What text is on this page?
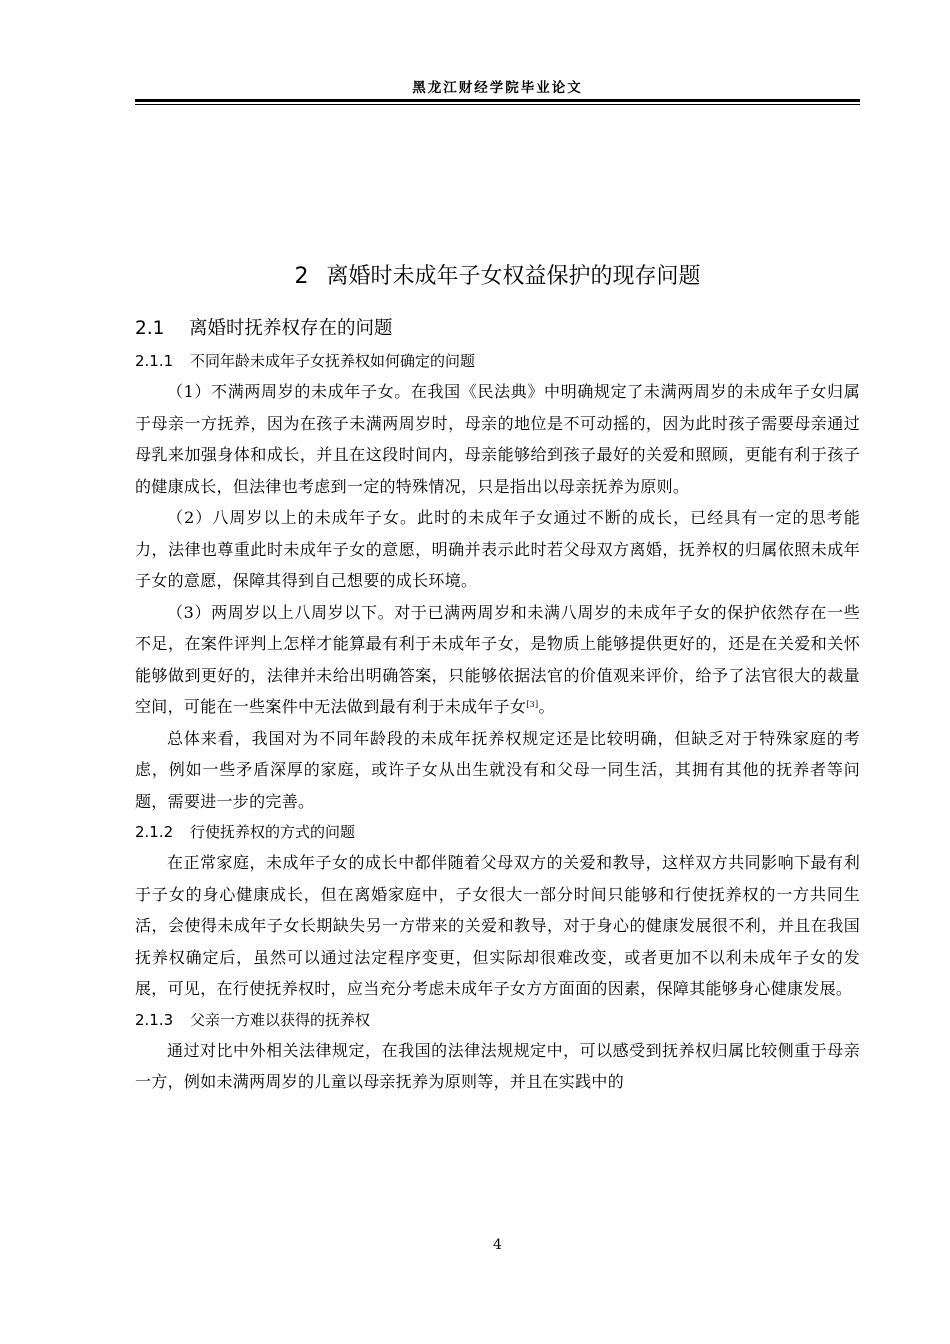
黑龙江财经学院毕业论文
2 离婚时未成年子女权益保护的现存问题
2.1 离婚时抚养权存在的问题
2.1.1 不同年龄未成年子女抚养权如何确定的问题

（1）不满两周岁的未成年子女。在我国《民法典》中明确规定了未满两周岁的未成年子女归属于母亲一方抚养，因为在孩子未满两周岁时，母亲的地位是不可动摇的，因为此时孩子需要母亲通过母乳来加强身体和成长，并且在这段时间内，母亲能够给到孩子最好的关爱和照顾，更能有利于孩子的健康成长，但法律也考虑到一定的特殊情况，只是指出以母亲抚养为原则。

（2）八周岁以上的未成年子女。此时的未成年子女通过不断的成长，已经具有一定的思考能力，法律也尊重此时未成年子女的意愿，明确并表示此时若父母双方离婚，抚养权的归属依照未成年子女的意愿，保障其得到自己想要的成长环境。

（3）两周岁以上八周岁以下。对于已满两周岁和未满八周岁的未成年子女的保护依然存在一些不足，在案件评判上怎样才能算最有利于未成年子女，是物质上能够提供更好的，还是在关爱和关怀能够做到更好的，法律并未给出明确答案，只能够依据法官的价值观来评价，给予了法官很大的裁量空间，可能在一些案件中无法做到最有利于未成年子女[3]。

总体来看，我国对为不同年龄段的未成年抚养权规定还是比较明确，但缺乏对于特殊家庭的考虑，例如一些矛盾深厚的家庭，或许子女从出生就没有和父母一同生活，其拥有其他的抚养者等问题，需要进一步的完善。

2.1.2 行使抚养权的方式的问题

在正常家庭，未成年子女的成长中都伴随着父母双方的关爱和教导，这样双方共同影响下最有利于子女的身心健康成长，但在离婚家庭中，子女很大一部分时间只能够和行使抚养权的一方共同生活，会使得未成年子女长期缺失另一方带来的关爱和教导，对于身心的健康发展很不利，并且在我国抚养权确定后，虽然可以通过法定程序变更，但实际却很难改变，或者更加不以利未成年子女的发展，可见，在行使抚养权时，应当充分考虑未成年子女方方面面的因素，保障其能够身心健康发展。

2.1.3 父亲一方难以获得的抚养权

通过对比中外相关法律规定，在我国的法律法规规定中，可以感受到抚养权归属比较侧重于母亲一方，例如未满两周岁的儿童以母亲抚养为原则等，并且在实践中的

4
